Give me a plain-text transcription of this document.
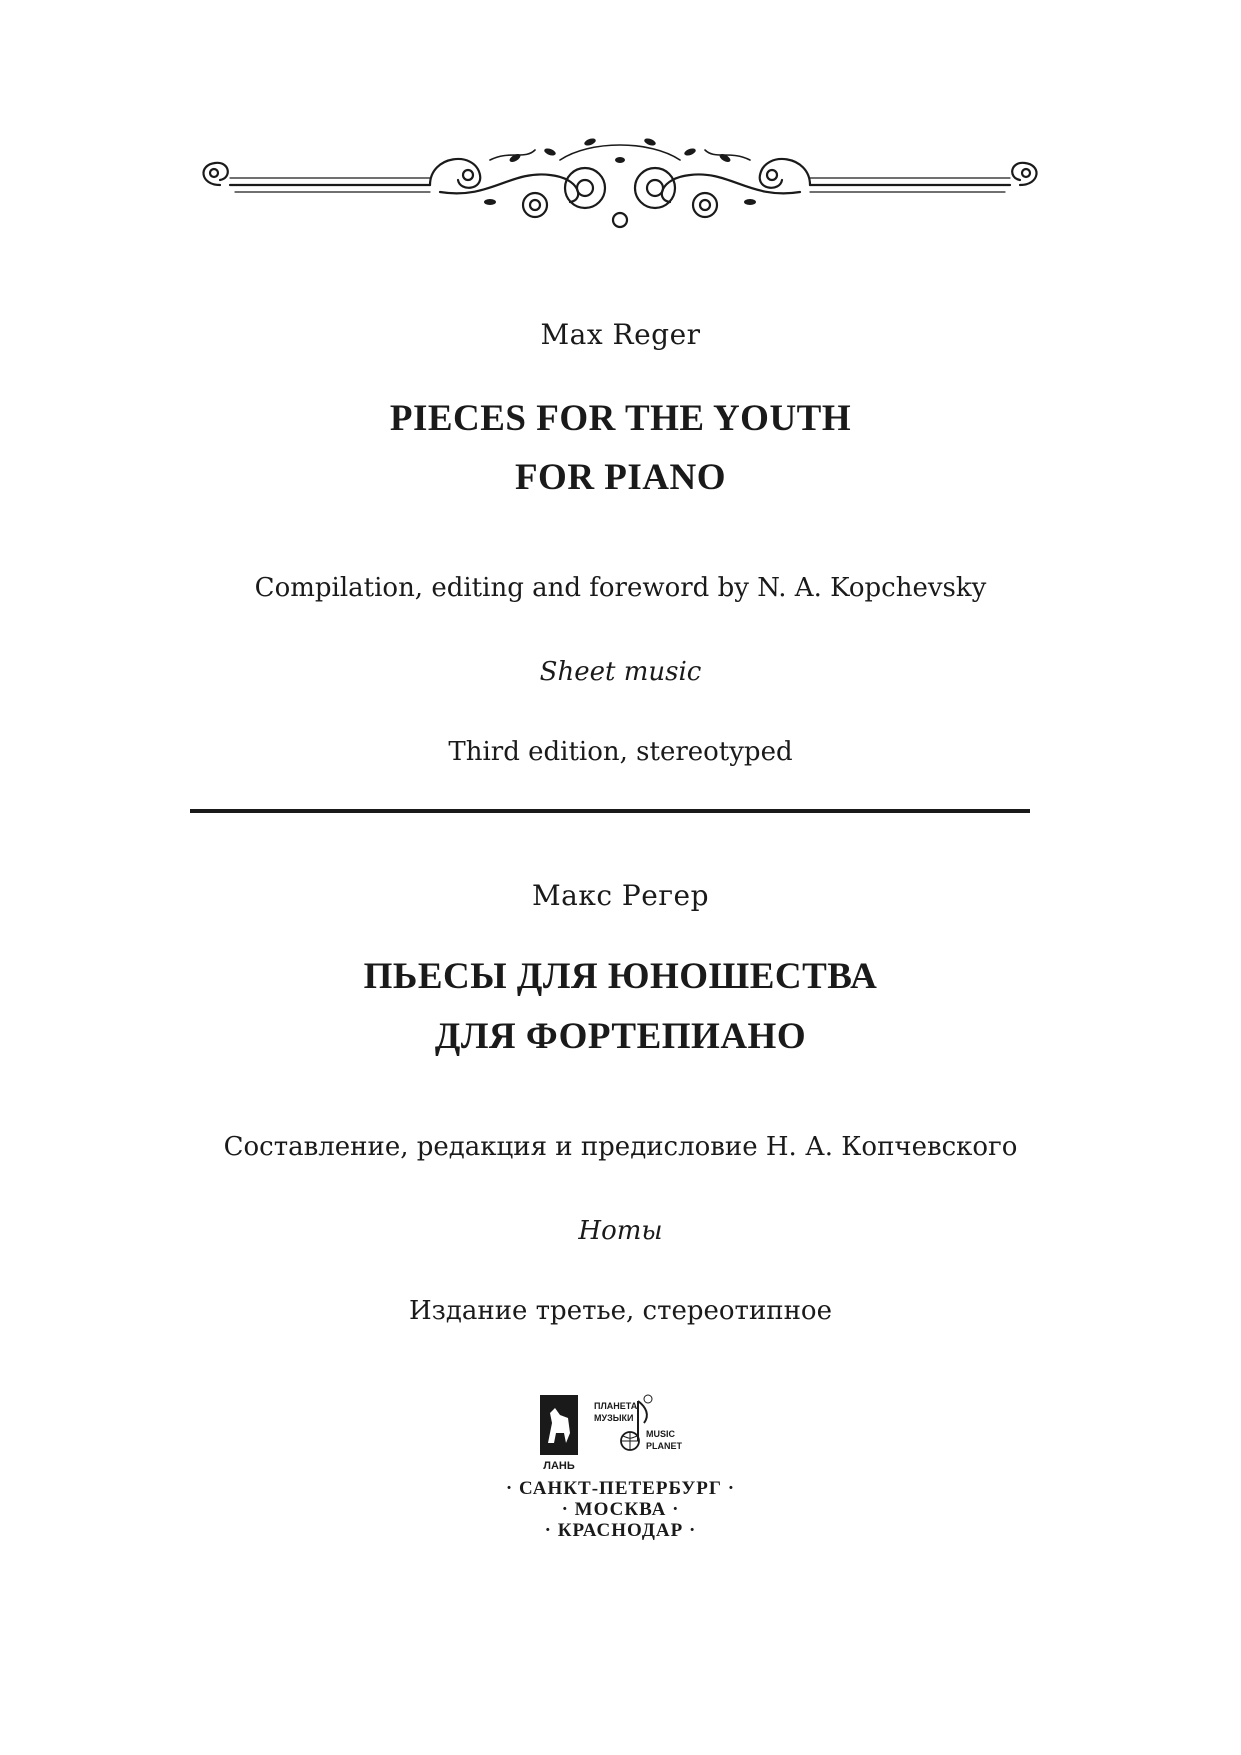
Max Reger
PIECES FOR THE YOUTH
FOR PIANO
Compilation, editing and foreword by N. A. Kopchevsky
Sheet music
Third edition, stereotyped
Макс Регер
ПЬЕСЫ ДЛЯ ЮНОШЕСТВА
ДЛЯ ФОРТЕПИАНО
Составление, редакция и предисловие Н. А. Копчевского
Ноты
Издание третье, стереотипное
ЛАНЬ
ПЛАНЕТА
МУЗЫКИ
MUSIC
PLANET
· САНКТ-ПЕТЕРБУРГ ·
· МОСКВА ·
· КРАСНОДАР ·
